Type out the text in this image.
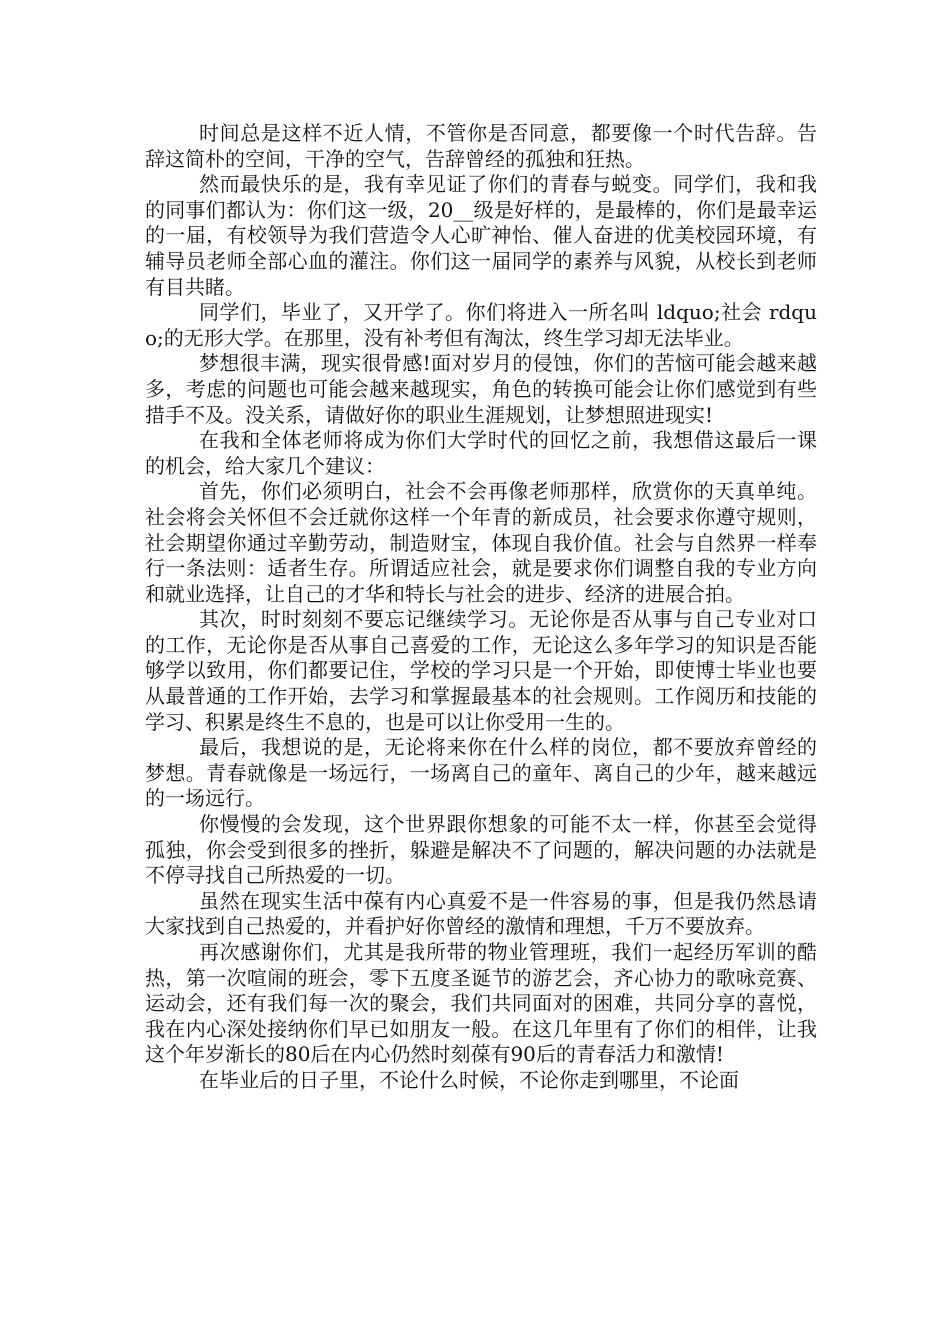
时间总是这样不近人情，不管你是否同意，都要像一个时代告辞。告辞这简朴的空间，干净的空气，告辞曾经的孤独和狂热。

然而最快乐的是，我有幸见证了你们的青春与蜕变。同学们，我和我的同事们都认为：你们这一级，20__级是好样的，是最棒的，你们是最幸运的一届，有校领导为我们营造令人心旷神怡、催人奋进的优美校园环境，有辅导员老师全部心血的灌注。你们这一届同学的素养与风貌，从校长到老师有目共睹。

同学们，毕业了，又开学了。你们将进入一所名叫 ldquo;社会 rdquo;的无形大学。在那里，没有补考但有淘汰，终生学习却无法毕业。

梦想很丰满，现实很骨感!面对岁月的侵蚀，你们的苦恼可能会越来越多，考虑的问题也可能会越来越现实，角色的转换可能会让你们感觉到有些措手不及。没关系，请做好你的职业生涯规划，让梦想照进现实!

在我和全体老师将成为你们大学时代的回忆之前，我想借这最后一课的机会，给大家几个建议：

首先，你们必须明白，社会不会再像老师那样，欣赏你的天真单纯。社会将会关怀但不会迁就你这样一个年青的新成员，社会要求你遵守规则，社会期望你通过辛勤劳动，制造财宝，体现自我价值。社会与自然界一样奉行一条法则：适者生存。所谓适应社会，就是要求你们调整自我的专业方向和就业选择，让自己的才华和特长与社会的进步、经济的进展合拍。

其次，时时刻刻不要忘记继续学习。无论你是否从事与自己专业对口的工作，无论你是否从事自己喜爱的工作，无论这么多年学习的知识是否能够学以致用，你们都要记住，学校的学习只是一个开始，即使博士毕业也要从最普通的工作开始，去学习和掌握最基本的社会规则。工作阅历和技能的学习、积累是终生不息的，也是可以让你受用一生的。

最后，我想说的是，无论将来你在什么样的岗位，都不要放弃曾经的梦想。青春就像是一场远行，一场离自己的童年、离自己的少年，越来越远的一场远行。

你慢慢的会发现，这个世界跟你想象的可能不太一样，你甚至会觉得孤独，你会受到很多的挫折，躲避是解决不了问题的，解决问题的办法就是不停寻找自己所热爱的一切。

虽然在现实生活中葆有内心真爱不是一件容易的事，但是我仍然恳请大家找到自己热爱的，并看护好你曾经的激情和理想，千万不要放弃。

再次感谢你们，尤其是我所带的物业管理班，我们一起经历军训的酷热，第一次喧闹的班会，零下五度圣诞节的游艺会，齐心协力的歌咏竞赛、运动会，还有我们每一次的聚会，我们共同面对的困难，共同分享的喜悦，我在内心深处接纳你们早已如朋友一般。在这几年里有了你们的相伴，让我这个年岁渐长的80后在内心仍然时刻葆有90后的青春活力和激情!

在毕业后的日子里，不论什么时候，不论你走到哪里，不论面
